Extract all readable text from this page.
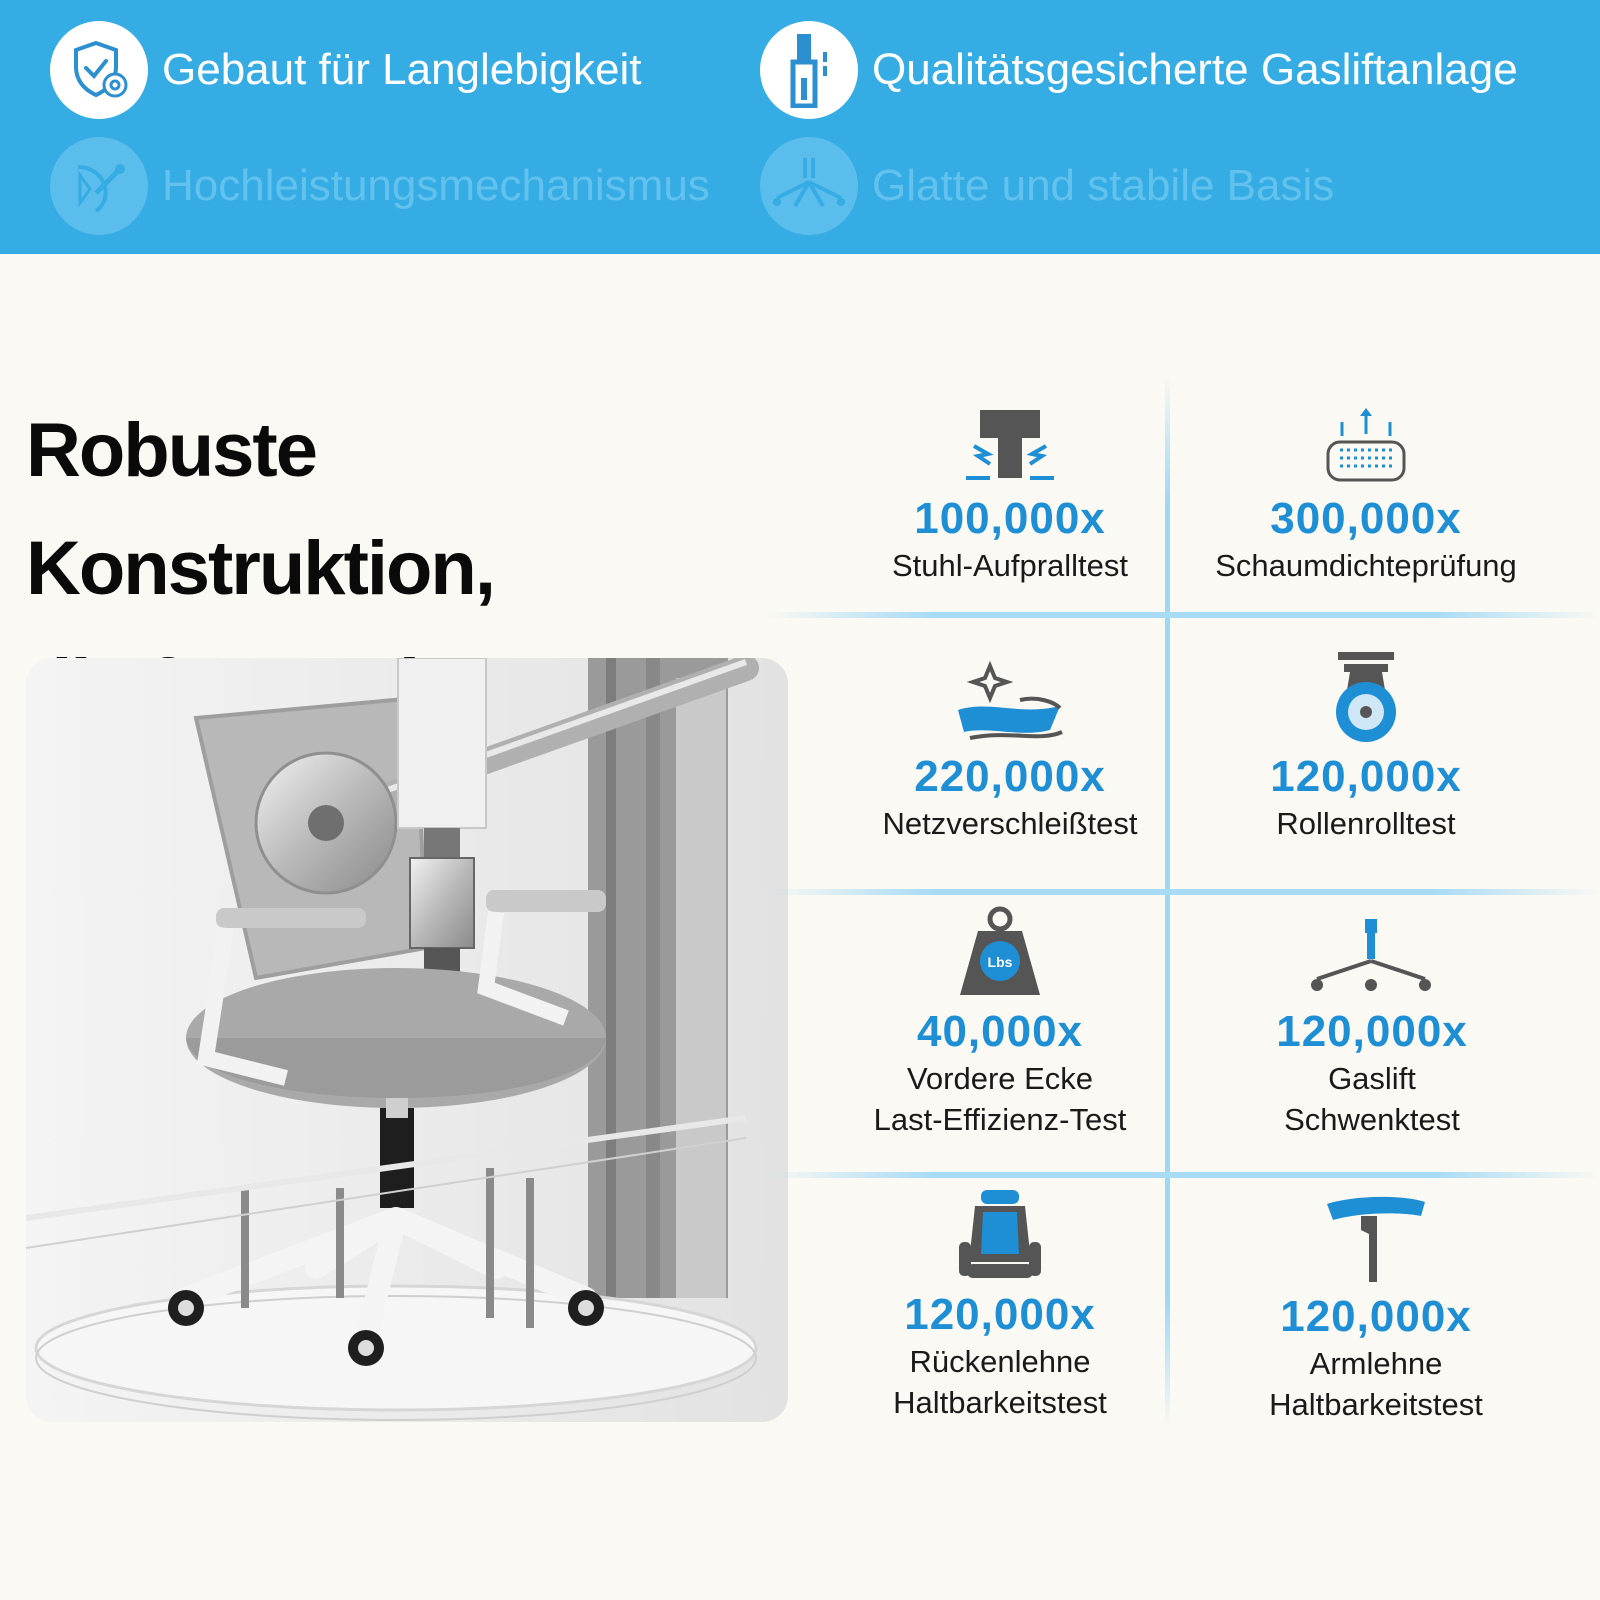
Gebaut für Langlebigkeit	Qualitätsgesicherte Gasliftanlage
Hochleistungsmechanismus	Glatte und stabile Basis
Robuste Konstruktion,
100,000x
Stuhl-Aufpralltest
300,000x
Schaumdichteprüfung
220,000x
Netzverschleißtest
120,000x
Rollenrolltest
Lbs
40,000x
Vordere Ecke
Last-Effizienz-Test
120,000x
Gaslift
Schwenktest
120,000x
Rückenlehne
Haltbarkeitstest
120,000x
Armlehne
Haltbarkeitstest
